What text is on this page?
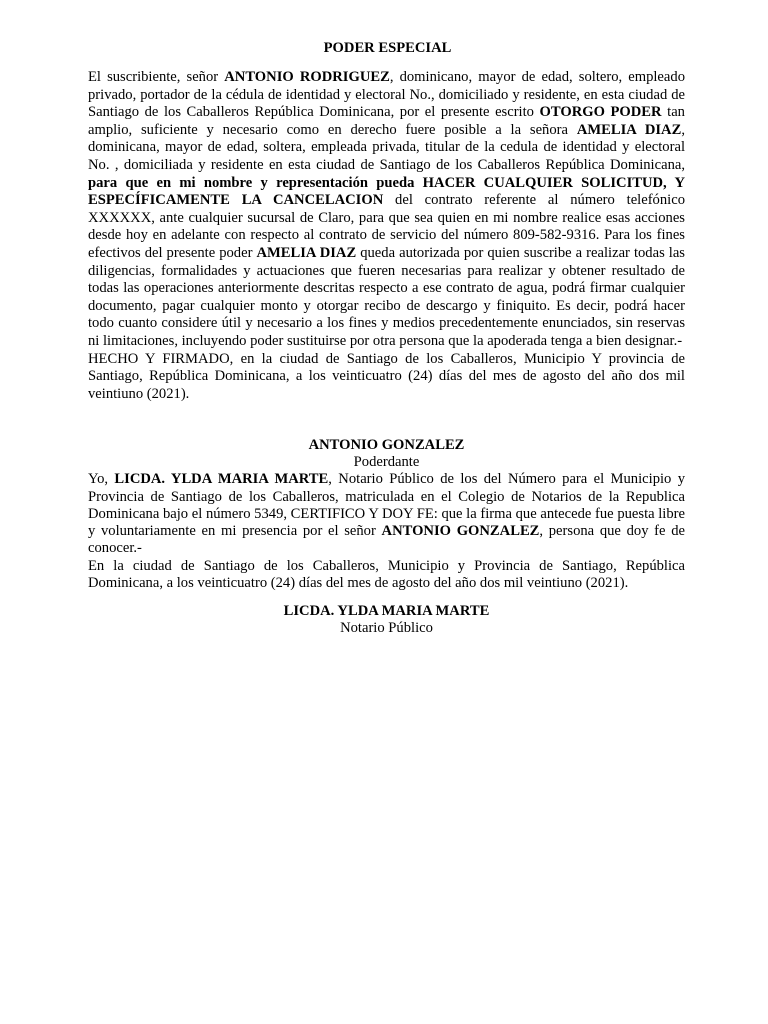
PODER ESPECIAL

El suscribiente, señor ANTONIO RODRIGUEZ, dominicano, mayor de edad, soltero, empleado privado, portador de la cédula de identidad y electoral No., domiciliado y residente, en esta ciudad de Santiago de los Caballeros República Dominicana, por el presente escrito OTORGO PODER tan amplio, suficiente y necesario como en derecho fuere posible a la señora AMELIA DIAZ, dominicana, mayor de edad, soltera, empleada privada, titular de la cedula de identidad y electoral No. , domiciliada y residente en esta ciudad de Santiago de los Caballeros República Dominicana, para que en mi nombre y representación pueda HACER CUALQUIER SOLICITUD, Y ESPECÍFICAMENTE LA CANCELACION del contrato referente al número telefónico XXXXXX, ante cualquier sucursal de Claro, para que sea quien en mi nombre realice esas acciones desde hoy en adelante con respecto al contrato de servicio del número 809-582-9316. Para los fines efectivos del presente poder AMELIA DIAZ queda autorizada por quien suscribe a realizar todas las diligencias, formalidades y actuaciones que fueren necesarias para realizar y obtener resultado de todas las operaciones anteriormente descritas respecto a ese contrato de agua, podrá firmar cualquier documento, pagar cualquier monto y otorgar recibo de descargo y finiquito. Es decir, podrá hacer todo cuanto considere útil y necesario a los fines y medios precedentemente enunciados, sin reservas ni limitaciones, incluyendo poder sustituirse por otra persona que la apoderada tenga a bien designar.-

HECHO Y FIRMADO, en la ciudad de Santiago de los Caballeros, Municipio Y provincia de Santiago, República Dominicana, a los veinticuatro (24) días del mes de agosto del año dos mil veintiuno (2021).

ANTONIO GONZALEZ
Poderdante

Yo, LICDA. YLDA MARIA MARTE, Notario Público de los del Número para el Municipio y Provincia de Santiago de los Caballeros, matriculada en el Colegio de Notarios de la Republica Dominicana bajo el número 5349, CERTIFICO Y DOY FE: que la firma que antecede fue puesta libre y voluntariamente en mi presencia por el señor ANTONIO GONZALEZ, persona que doy fe de conocer.-

En la ciudad de Santiago de los Caballeros, Municipio y Provincia de Santiago, República Dominicana, a los veinticuatro (24) días del mes de agosto del año dos mil veintiuno (2021).

LICDA. YLDA MARIA MARTE
Notario Público
